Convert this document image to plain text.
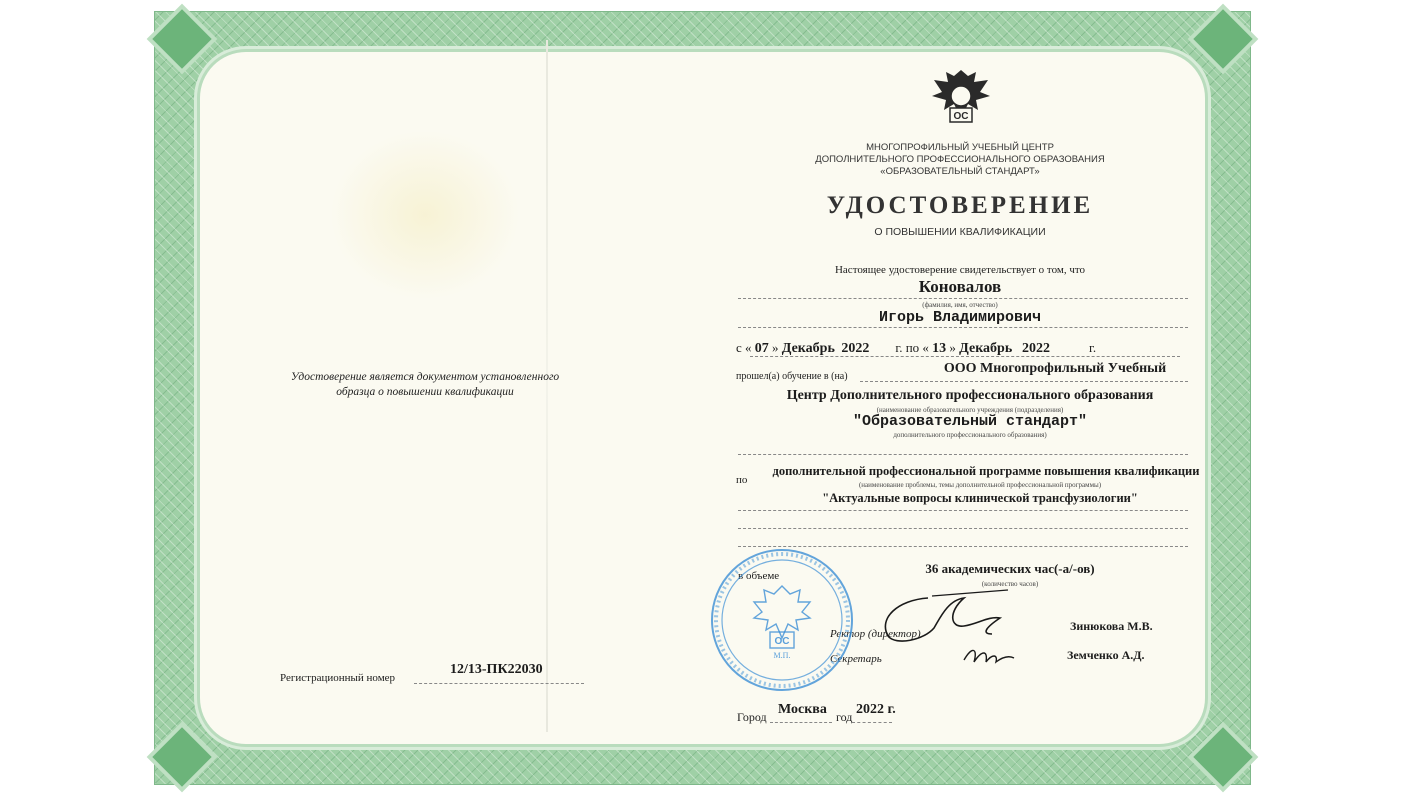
ОС
МНОГОПРОФИЛЬНЫЙ УЧЕБНЫЙ ЦЕНТР
ДОПОЛНИТЕЛЬНОГО ПРОФЕССИОНАЛЬНОГО ОБРАЗОВАНИЯ
«ОБРАЗОВАТЕЛЬНЫЙ СТАНДАРТ»
УДОСТОВЕРЕНИЕ
О ПОВЫШЕНИИ КВАЛИФИКАЦИИ
Настоящее удостоверение свидетельствует о том, что
Коновалов
(фамилия, имя, отчество)
Игорь Владимирович
с « 07 » Декабрь 2022 г. по « 13 » Декабрь 2022	г.
прошел(а) обучение в (на)
ООО Многопрофильный Учебный
Центр Дополнительного профессионального образования
(наименование образовательного учреждения (подразделения)
"Образовательный стандарт"
дополнительного профессионального образования)
по
дополнительной профессиональной программе повышения квалификации
(наименование проблемы, темы дополнительной профессиональной программы)
"Актуальные вопросы клинической трансфузиологии"
в объеме	36 академических час(-а/-ов)
(количество часов)
Ректор (директор)
Зинюкова М.В.
Секретарь	Земченко А.Д.
ОС
М.П.
Город Москва год 2022 г.
Удостоверение является документом установленного образца о повышении квалификации
Регистрационный номер
12/13-ПК22030
